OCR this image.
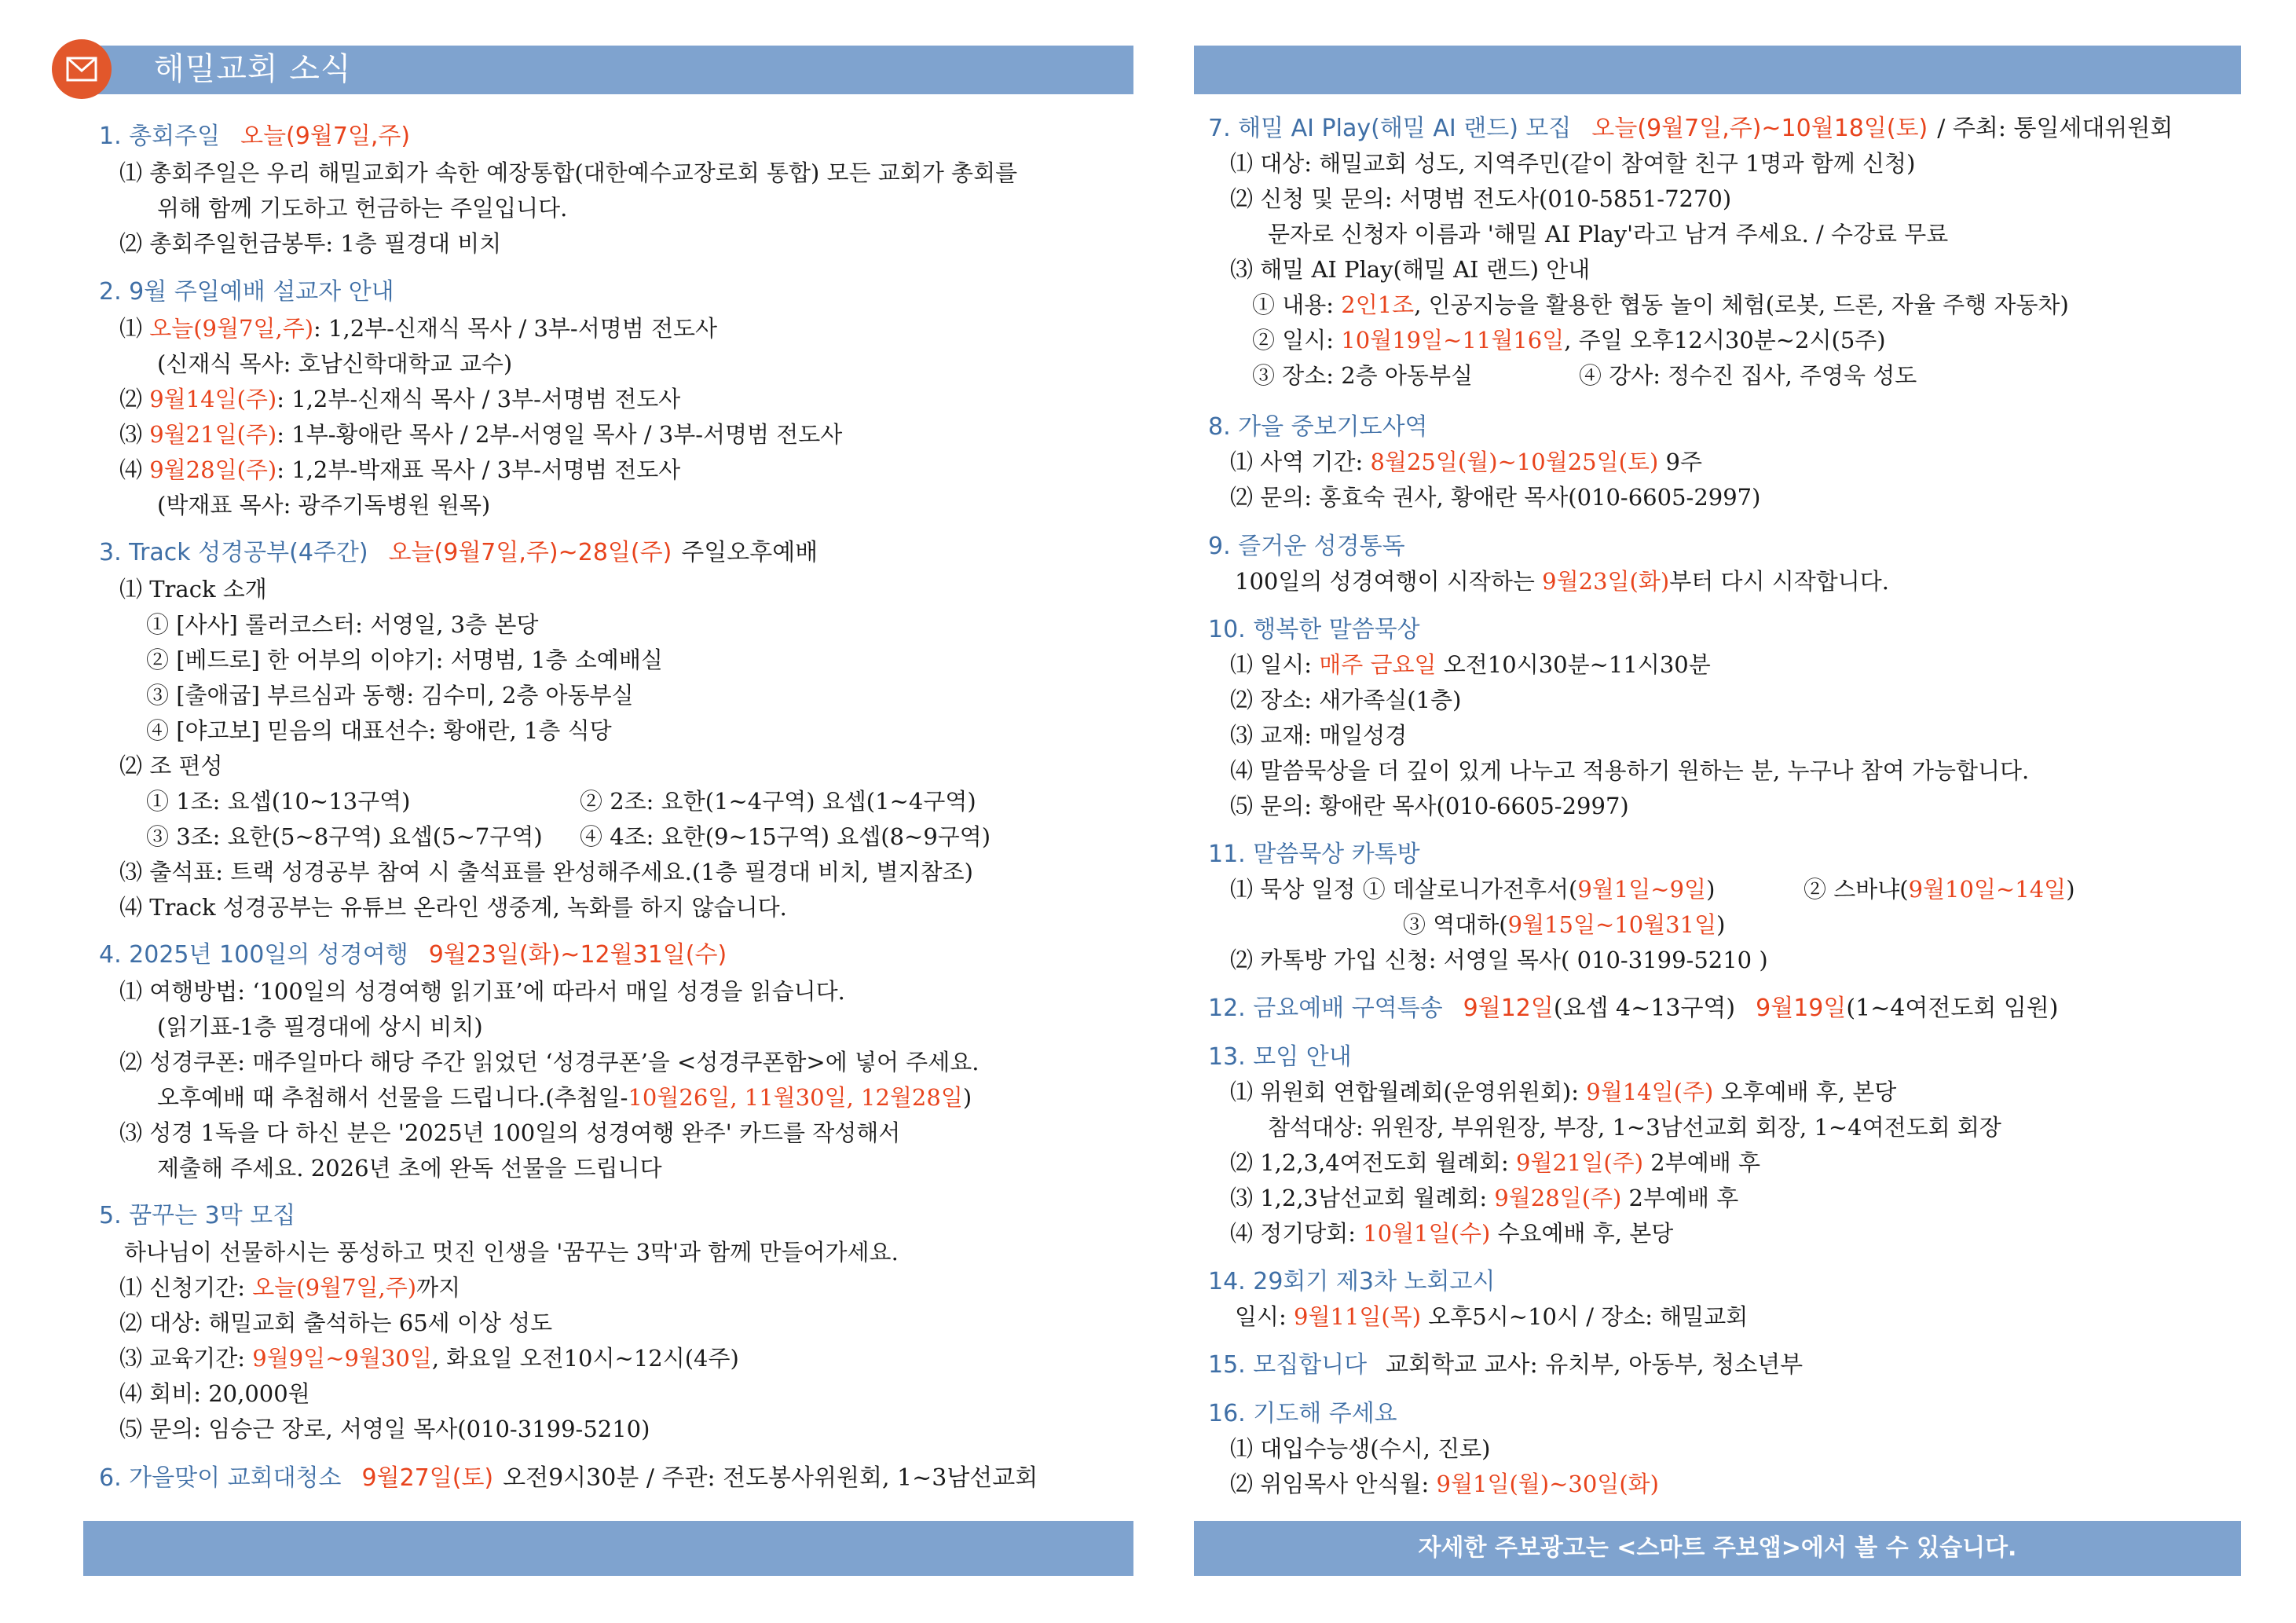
해밀교회 소식
1. 총회주일 오늘(9월7일,주)
⑴ 총회주일은 우리 해밀교회가 속한 예장통합(대한예수교장로회 통합) 모든 교회가 총회를
위해 함께 기도하고 헌금하는 주일입니다.
⑵ 총회주일헌금봉투: 1층 필경대 비치
2. 9월 주일예배 설교자 안내
⑴ 오늘(9월7일,주): 1,2부-신재식 목사 / 3부-서명범 전도사
(신재식 목사: 호남신학대학교 교수)
⑵ 9월14일(주): 1,2부-신재식 목사 / 3부-서명범 전도사
⑶ 9월21일(주): 1부-황애란 목사 / 2부-서영일 목사 / 3부-서명범 전도사
⑷ 9월28일(주): 1,2부-박재표 목사 / 3부-서명범 전도사
(박재표 목사: 광주기독병원 원목)
3. Track 성경공부(4주간) 오늘(9월7일,주)~28일(주) 주일오후예배
⑴ Track 소개
① [사사] 롤러코스터: 서영일, 3층 본당
② [베드로] 한 어부의 이야기: 서명범, 1층 소예배실
③ [출애굽] 부르심과 동행: 김수미, 2층 아동부실
④ [야고보] 믿음의 대표선수: 황애란, 1층 식당
⑵ 조 편성
① 1조: 요셉(10~13구역)	② 2조: 요한(1~4구역) 요셉(1~4구역)
③ 3조: 요한(5~8구역) 요셉(5~7구역) ④ 4조: 요한(9~15구역) 요셉(8~9구역)
⑶ 출석표: 트랙 성경공부 참여 시 출석표를 완성해주세요.(1층 필경대 비치, 별지참조)
⑷ Track 성경공부는 유튜브 온라인 생중계, 녹화를 하지 않습니다.
4. 2025년 100일의 성경여행 9월23일(화)~12월31일(수)
⑴ 여행방법: ‘100일의 성경여행 읽기표’에 따라서 매일 성경을 읽습니다.
(읽기표-1층 필경대에 상시 비치)
⑵ 성경쿠폰: 매주일마다 해당 주간 읽었던 ‘성경쿠폰’을 <성경쿠폰함>에 넣어 주세요.
오후예배 때 추첨해서 선물을 드립니다.(추첨일-10월26일, 11월30일, 12월28일)
⑶ 성경 1독을 다 하신 분은 '2025년 100일의 성경여행 완주' 카드를 작성해서
제출해 주세요. 2026년 초에 완독 선물을 드립니다
5. 꿈꾸는 3막 모집
하나님이 선물하시는 풍성하고 멋진 인생을 '꿈꾸는 3막'과 함께 만들어가세요.
⑴ 신청기간: 오늘(9월7일,주)까지
⑵ 대상: 해밀교회 출석하는 65세 이상 성도
⑶ 교육기간: 9월9일~9월30일, 화요일 오전10시~12시(4주)
⑷ 회비: 20,000원
⑸ 문의: 임승근 장로, 서영일 목사(010-3199-5210)
6. 가을맞이 교회대청소 9월27일(토) 오전9시30분 / 주관: 전도봉사위원회, 1~3남선교회
7. 해밀 AI Play(해밀 AI 랜드) 모집 오늘(9월7일,주)~10월18일(토) / 주최: 통일세대위원회
⑴ 대상: 해밀교회 성도, 지역주민(같이 참여할 친구 1명과 함께 신청)
⑵ 신청 및 문의: 서명범 전도사(010-5851-7270)
문자로 신청자 이름과 '해밀 AI Play'라고 남겨 주세요. / 수강료 무료
⑶ 해밀 AI Play(해밀 AI 랜드) 안내
① 내용: 2인1조, 인공지능을 활용한 협동 놀이 체험(로봇, 드론, 자율 주행 자동차)
② 일시: 10월19일~11월16일, 주일 오후12시30분~2시(5주)
③ 장소: 2층 아동부실	④ 강사: 정수진 집사, 주영욱 성도
8. 가을 중보기도사역
⑴ 사역 기간: 8월25일(월)~10월25일(토) 9주
⑵ 문의: 홍효숙 권사, 황애란 목사(010-6605-2997)
9. 즐거운 성경통독
100일의 성경여행이 시작하는 9월23일(화)부터 다시 시작합니다.
10. 행복한 말씀묵상
⑴ 일시: 매주 금요일 오전10시30분~11시30분
⑵ 장소: 새가족실(1층)
⑶ 교재: 매일성경
⑷ 말씀묵상을 더 깊이 있게 나누고 적용하기 원하는 분, 누구나 참여 가능합니다.
⑸ 문의: 황애란 목사(010-6605-2997)
11. 말씀묵상 카톡방
⑴ 묵상 일정 ① 데살로니가전후서(9월1일~9일)	② 스바냐(9월10일~14일)
③ 역대하(9월15일~10월31일)
⑵ 카톡방 가입 신청: 서영일 목사( 010-3199-5210 )
12. 금요예배 구역특송 9월12일(요셉 4~13구역) 9월19일(1~4여전도회 임원)
13. 모임 안내
⑴ 위원회 연합월례회(운영위원회): 9월14일(주) 오후예배 후, 본당
참석대상: 위원장, 부위원장, 부장, 1~3남선교회 회장, 1~4여전도회 회장
⑵ 1,2,3,4여전도회 월례회: 9월21일(주) 2부예배 후
⑶ 1,2,3남선교회 월례회: 9월28일(주) 2부예배 후
⑷ 정기당회: 10월1일(수) 수요예배 후, 본당
14. 29회기 제3차 노회고시
일시: 9월11일(목) 오후5시~10시 / 장소: 해밀교회
15. 모집합니다 교회학교 교사: 유치부, 아동부, 청소년부
16. 기도해 주세요
⑴ 대입수능생(수시, 진로)
⑵ 위임목사 안식월: 9월1일(월)~30일(화)
자세한 주보광고는 <스마트 주보앱>에서 볼 수 있습니다.
